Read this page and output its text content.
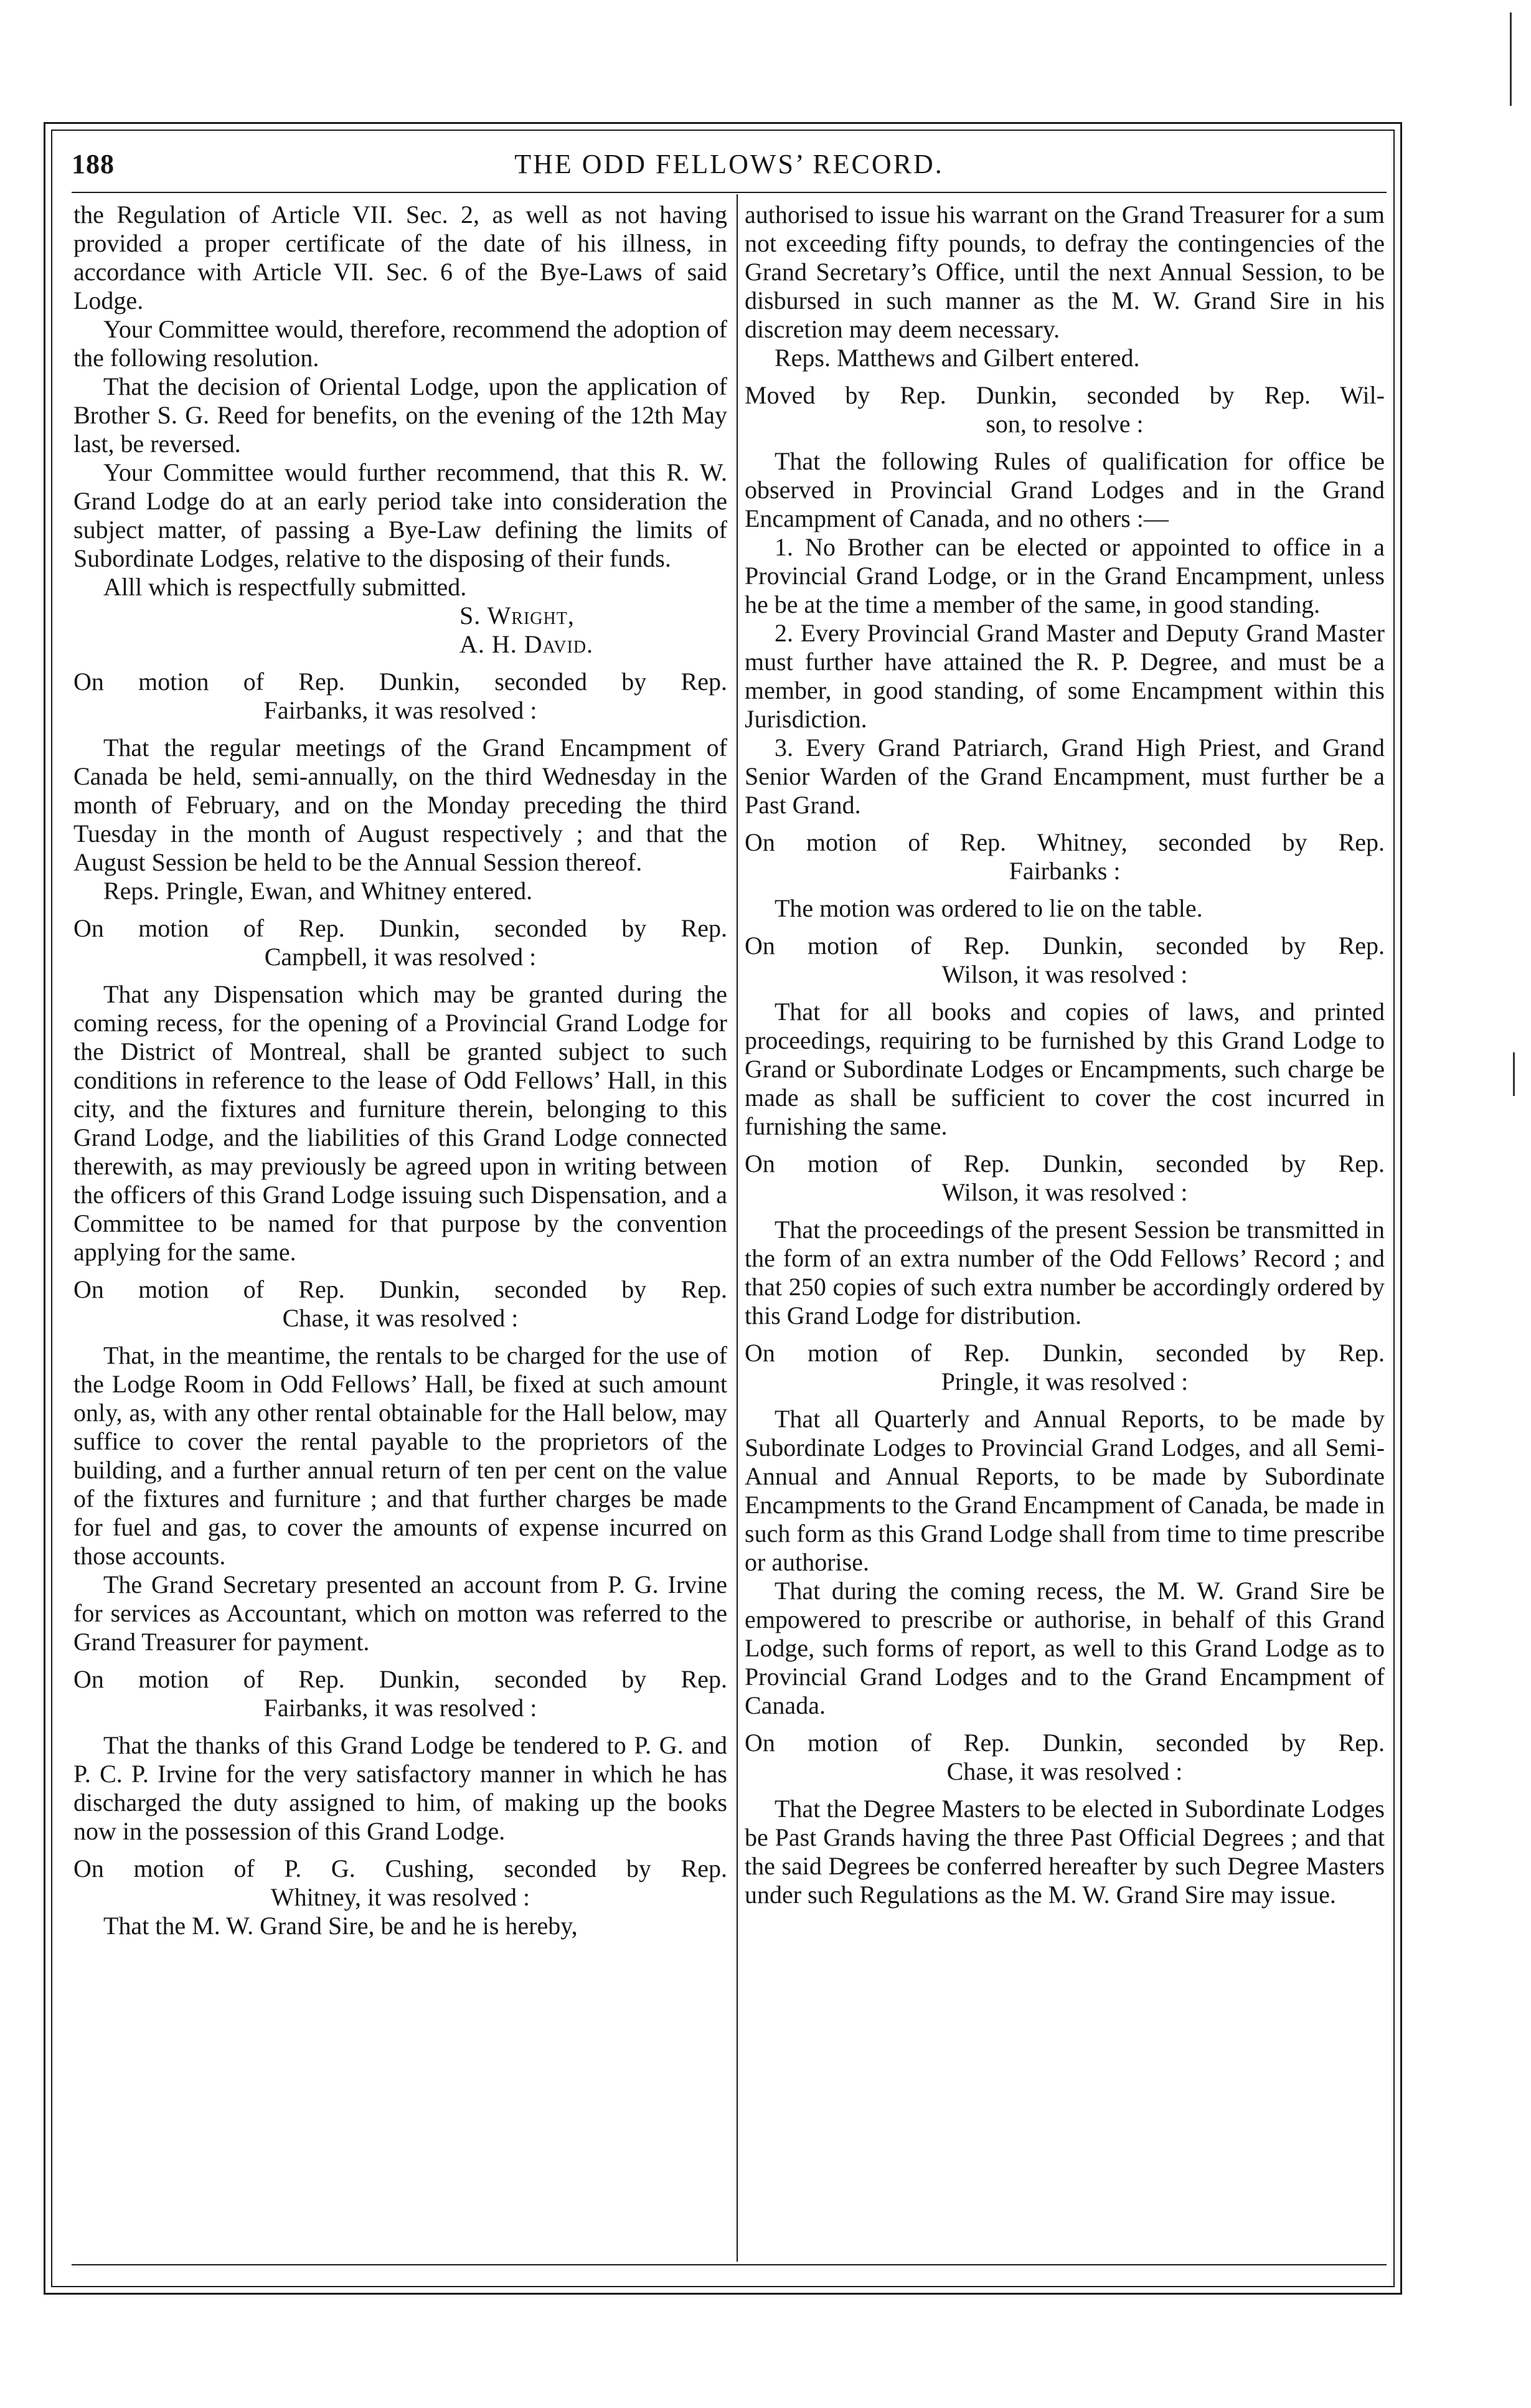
188	THE ODD FELLOWS’ RECORD.

the Regulation of Article VII. Sec. 2, as well as not having provided a proper certificate of the date of his illness, in accordance with Article VII. Sec. 6 of the Bye-Laws of said Lodge.

Your Committee would, therefore, recommend the adoption of the following resolution.

That the decision of Oriental Lodge, upon the application of Brother S. G. Reed for benefits, on the evening of the 12th May last, be reversed.

Your Committee would further recommend, that this R. W. Grand Lodge do at an early period take into consideration the subject matter, of passing a Bye-Law defining the limits of Subordinate Lodges, relative to the disposing of their funds.

Alll which is respectfully submitted.

S. Wright,

A. H. David.

On motion of Rep. Dunkin, seconded by Rep.
Fairbanks, it was resolved :

That the regular meetings of the Grand Encampment of Canada be held, semi-annually, on the third Wednesday in the month of February, and on the Monday preceding the third Tuesday in the month of August respectively ; and that the August Session be held to be the Annual Session thereof.

Reps. Pringle, Ewan, and Whitney entered.

On motion of Rep. Dunkin, seconded by Rep.
Campbell, it was resolved :

That any Dispensation which may be granted during the coming recess, for the opening of a Provincial Grand Lodge for the District of Montreal, shall be granted subject to such conditions in reference to the lease of Odd Fellows’ Hall, in this city, and the fixtures and furniture therein, belonging to this Grand Lodge, and the liabilities of this Grand Lodge connected therewith, as may previously be agreed upon in writing between the officers of this Grand Lodge issuing such Dispensation, and a Committee to be named for that purpose by the convention applying for the same.

On motion of Rep. Dunkin, seconded by Rep.
Chase, it was resolved :

That, in the meantime, the rentals to be charged for the use of the Lodge Room in Odd Fellows’ Hall, be fixed at such amount only, as, with any other rental obtainable for the Hall below, may suffice to cover the rental payable to the proprietors of the building, and a further annual return of ten per cent on the value of the fixtures and furniture ; and that further charges be made for fuel and gas, to cover the amounts of expense incurred on those accounts.

The Grand Secretary presented an account from P. G. Irvine for services as Accountant, which on motton was referred to the Grand Treasurer for payment.

On motion of Rep. Dunkin, seconded by Rep.
Fairbanks, it was resolved :

That the thanks of this Grand Lodge be tendered to P. G. and P. C. P. Irvine for the very satisfactory manner in which he has discharged the duty assigned to him, of making up the books now in the possession of this Grand Lodge.

On motion of P. G. Cushing, seconded by Rep.
Whitney, it was resolved :

That the M. W. Grand Sire, be and he is hereby,

authorised to issue his warrant on the Grand Treasurer for a sum not exceeding fifty pounds, to defray the contingencies of the Grand Secretary’s Office, until the next Annual Session, to be disbursed in such manner as the M. W. Grand Sire in his discretion may deem necessary.

Reps. Matthews and Gilbert entered.

Moved by Rep. Dunkin, seconded by Rep. Wil-
son, to resolve :

That the following Rules of qualification for office be observed in Provincial Grand Lodges and in the Grand Encampment of Canada, and no others :—

1. No Brother can be elected or appointed to office in a Provincial Grand Lodge, or in the Grand Encampment, unless he be at the time a member of the same, in good standing.

2. Every Provincial Grand Master and Deputy Grand Master must further have attained the R. P. Degree, and must be a member, in good standing, of some Encampment within this Jurisdiction.

3. Every Grand Patriarch, Grand High Priest, and Grand Senior Warden of the Grand Encampment, must further be a Past Grand.

On motion of Rep. Whitney, seconded by Rep.
Fairbanks :

The motion was ordered to lie on the table.

On motion of Rep. Dunkin, seconded by Rep.
Wilson, it was resolved :

That for all books and copies of laws, and printed proceedings, requiring to be furnished by this Grand Lodge to Grand or Subordinate Lodges or Encampments, such charge be made as shall be sufficient to cover the cost incurred in furnishing the same.

On motion of Rep. Dunkin, seconded by Rep.
Wilson, it was resolved :

That the proceedings of the present Session be transmitted in the form of an extra number of the Odd Fellows’ Record ; and that 250 copies of such extra number be accordingly ordered by this Grand Lodge for distribution.

On motion of Rep. Dunkin, seconded by Rep.
Pringle, it was resolved :

That all Quarterly and Annual Reports, to be made by Subordinate Lodges to Provincial Grand Lodges, and all Semi-Annual and Annual Reports, to be made by Subordinate Encampments to the Grand Encampment of Canada, be made in such form as this Grand Lodge shall from time to time prescribe or authorise.

That during the coming recess, the M. W. Grand Sire be empowered to prescribe or authorise, in behalf of this Grand Lodge, such forms of report, as well to this Grand Lodge as to Provincial Grand Lodges and to the Grand Encampment of Canada.

On motion of Rep. Dunkin, seconded by Rep.
Chase, it was resolved :

That the Degree Masters to be elected in Subordinate Lodges be Past Grands having the three Past Official Degrees ; and that the said Degrees be conferred hereafter by such Degree Masters under such Regulations as the M. W. Grand Sire may issue.
